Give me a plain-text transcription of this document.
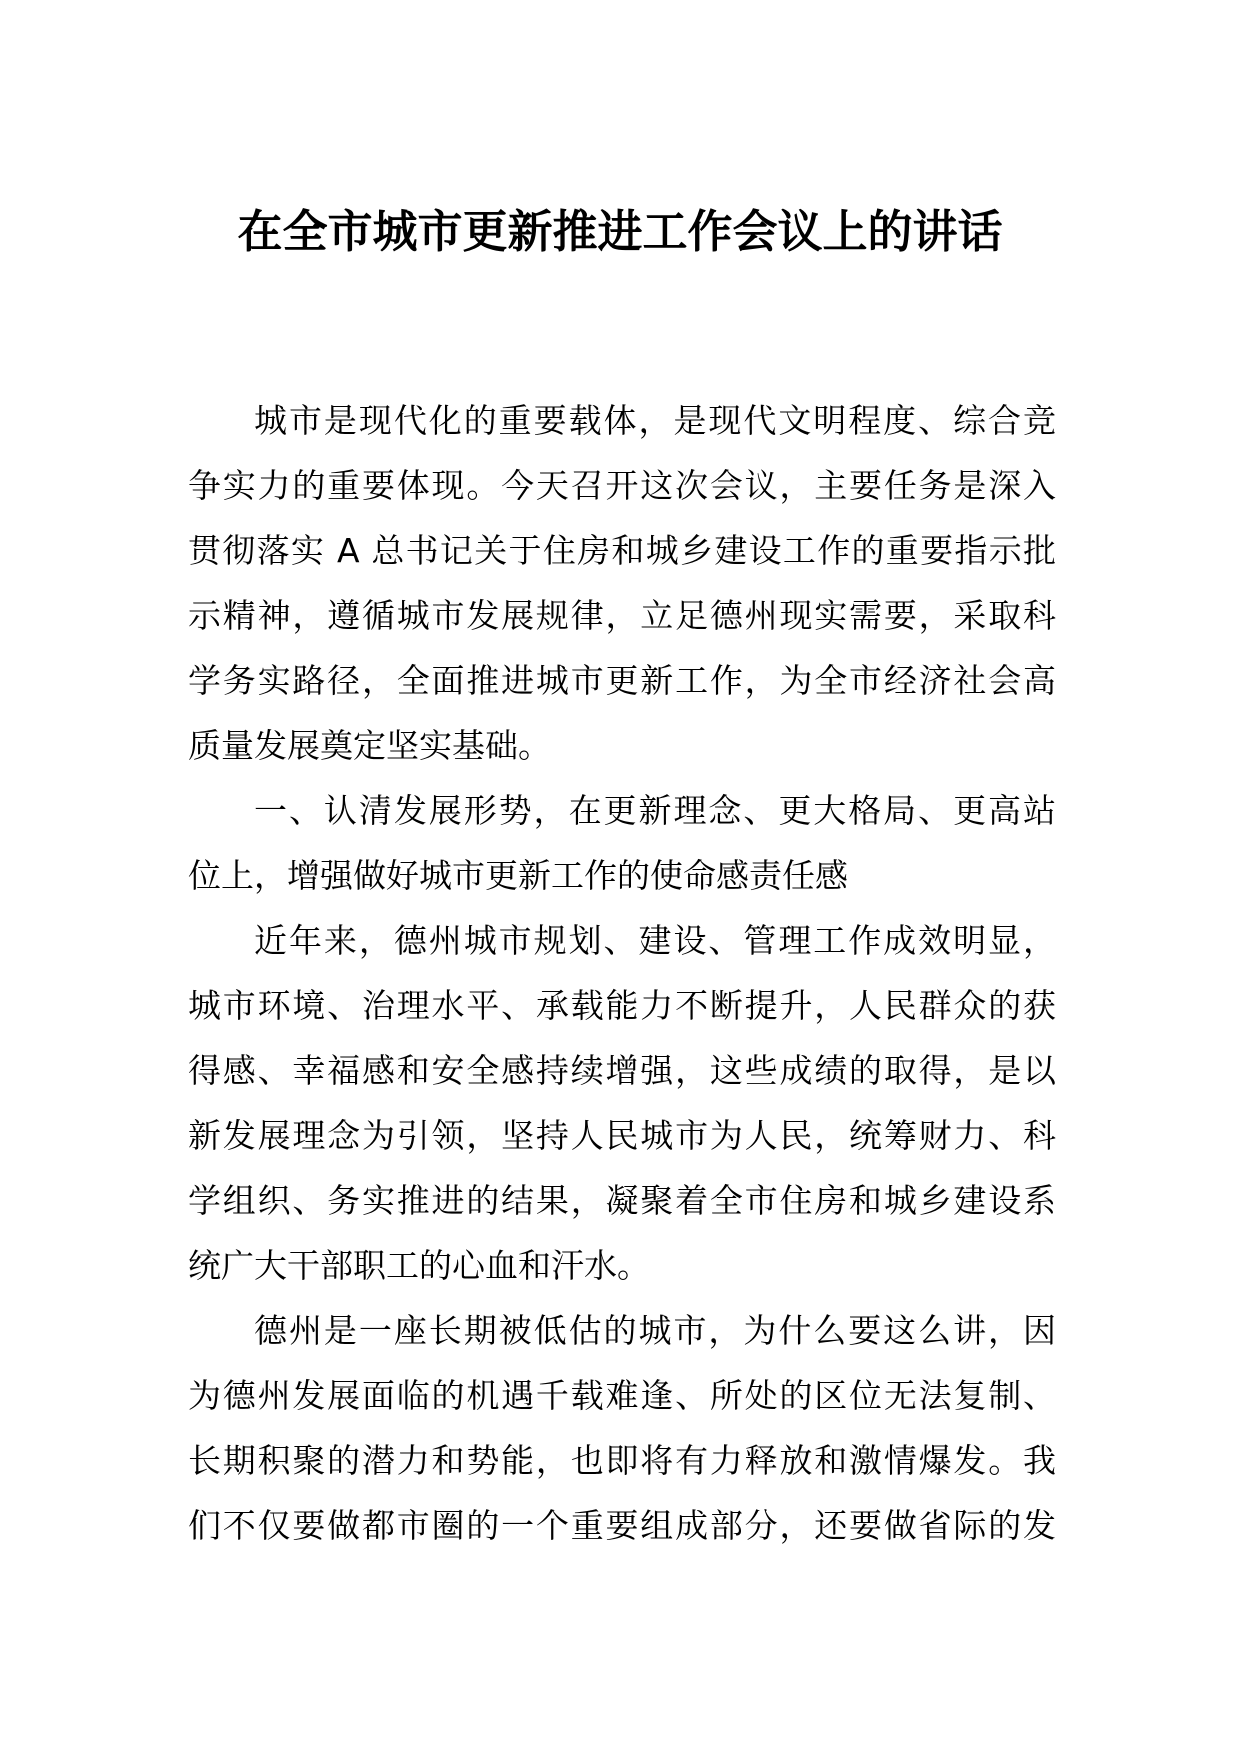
在全市城市更新推进工作会议上的讲话
城市是现代化的重要载体，是现代文明程度、综合竞
争实力的重要体现。今天召开这次会议，主要任务是深入
贯彻落实 A 总书记关于住房和城乡建设工作的重要指示批
示精神，遵循城市发展规律，立足德州现实需要，采取科
学务实路径，全面推进城市更新工作，为全市经济社会高
质量发展奠定坚实基础。
一、认清发展形势，在更新理念、更大格局、更高站
位上，增强做好城市更新工作的使命感责任感
近年来，德州城市规划、建设、管理工作成效明显，
城市环境、治理水平、承载能力不断提升，人民群众的获
得感、幸福感和安全感持续增强，这些成绩的取得，是以
新发展理念为引领，坚持人民城市为人民，统筹财力、科
学组织、务实推进的结果，凝聚着全市住房和城乡建设系
统广大干部职工的心血和汗水。
德州是一座长期被低估的城市，为什么要这么讲，因
为德州发展面临的机遇千载难逢、所处的区位无法复制、
长期积聚的潜力和势能，也即将有力释放和激情爆发。我
们不仅要做都市圈的一个重要组成部分，还要做省际的发
